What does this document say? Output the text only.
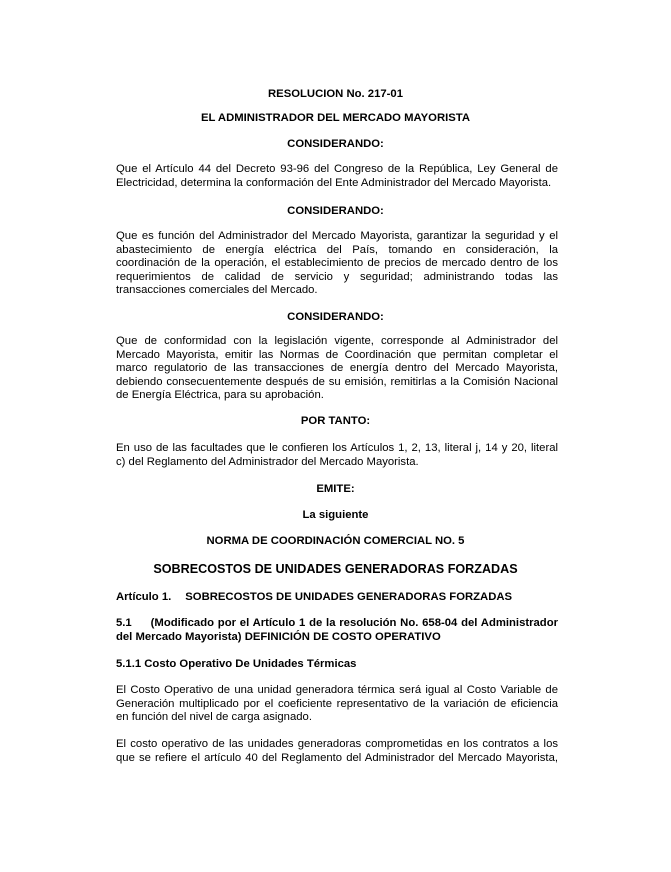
RESOLUCION No. 217-01
EL ADMINISTRADOR DEL MERCADO MAYORISTA
CONSIDERANDO:
Que el Artículo 44 del Decreto 93-96 del Congreso de la República, Ley General de
Electricidad, determina la conformación del Ente Administrador del Mercado Mayorista.
CONSIDERANDO:
Que es función del Administrador del Mercado Mayorista, garantizar la seguridad y el
abastecimiento de energía eléctrica del País, tomando en consideración, la
coordinación de la operación, el establecimiento de precios de mercado dentro de los
requerimientos de calidad de servicio y seguridad; administrando todas las
transacciones comerciales del Mercado.
CONSIDERANDO:
Que de conformidad con la legislación vigente, corresponde al Administrador del
Mercado Mayorista, emitir las Normas de Coordinación que permitan completar el
marco regulatorio de las transacciones de energía dentro del Mercado Mayorista,
debiendo consecuentemente después de su emisión, remitirlas a la Comisión Nacional
de Energía Eléctrica, para su aprobación.
POR TANTO:
En uso de las facultades que le confieren los Artículos 1, 2, 13, literal j, 14 y 20, literal
c) del Reglamento del Administrador del Mercado Mayorista.
EMITE:
La siguiente
NORMA DE COORDINACIÓN COMERCIAL NO. 5
SOBRECOSTOS DE UNIDADES GENERADORAS FORZADAS
Artículo 1. SOBRECOSTOS DE UNIDADES GENERADORAS FORZADAS
5.1 (Modificado por el Artículo 1 de la resolución No. 658-04 del Administrador
del Mercado Mayorista) DEFINICIÓN DE COSTO OPERATIVO
5.1.1 Costo Operativo De Unidades Térmicas
El Costo Operativo de una unidad generadora térmica será igual al Costo Variable de
Generación multiplicado por el coeficiente representativo de la variación de eficiencia
en función del nivel de carga asignado.
El costo operativo de las unidades generadoras comprometidas en los contratos a los
que se refiere el artículo 40 del Reglamento del Administrador del Mercado Mayorista,
